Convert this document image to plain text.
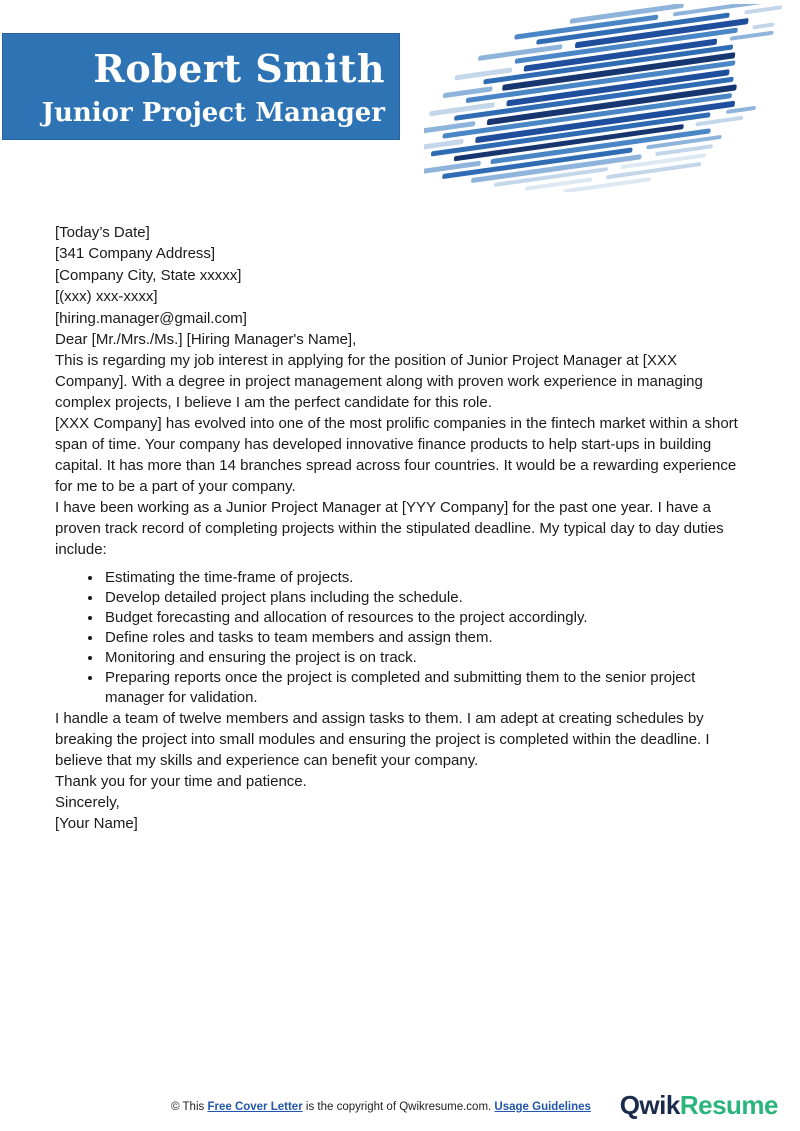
Robert Smith
Junior Project Manager

[Today’s Date]

[341 Company Address]

[Company City, State xxxxx]

[(xxx) xxx-xxxx]

[hiring.manager@gmail.com]

Dear [Mr./Mrs./Ms.] [Hiring Manager's Name],

This is regarding my job interest in applying for the position of Junior Project Manager at [XXX Company]. With a degree in project management along with proven work experience in managing complex projects, I believe I am the perfect candidate for this role.

[XXX Company] has evolved into one of the most prolific companies in the fintech market within a short span of time. Your company has developed innovative finance products to help start-ups in building capital. It has more than 14 branches spread across four countries. It would be a rewarding experience for me to be a part of your company.

I have been working as a Junior Project Manager at [YYY Company] for the past one year. I have a proven track record of completing projects within the stipulated deadline. My typical day to day duties include:

• Estimating the time-frame of projects.
• Develop detailed project plans including the schedule.
• Budget forecasting and allocation of resources to the project accordingly.
• Define roles and tasks to team members and assign them.
• Monitoring and ensuring the project is on track.
• Preparing reports once the project is completed and submitting them to the senior project manager for validation.

I handle a team of twelve members and assign tasks to them. I am adept at creating schedules by breaking the project into small modules and ensuring the project is completed within the deadline. I believe that my skills and experience can benefit your company.

Thank you for your time and patience.

Sincerely,

[Your Name]

© This Free Cover Letter is the copyright of Qwikresume.com. Usage Guidelines	QwikResume
